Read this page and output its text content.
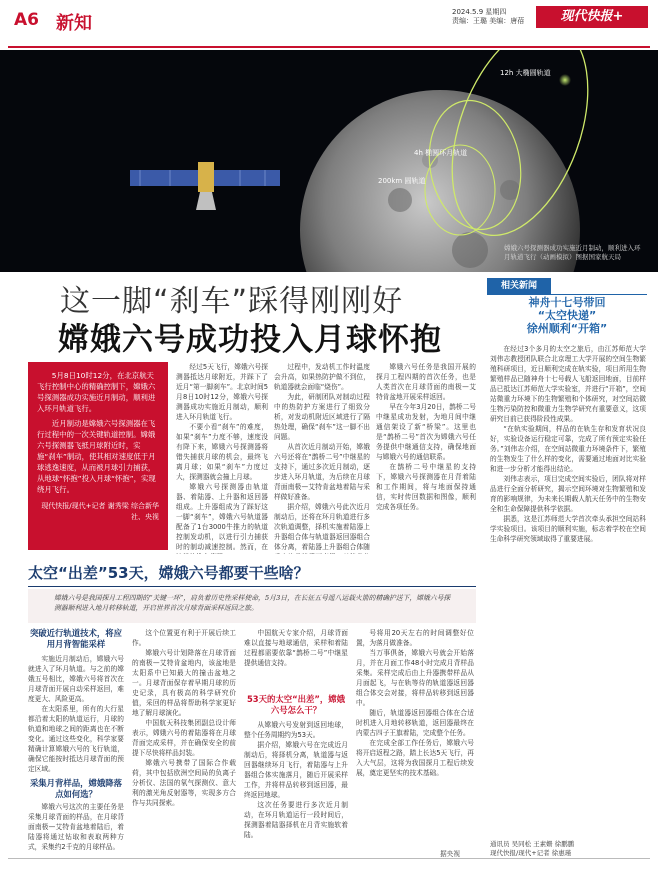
A6 新知
2024.5.9 星期四
责编：王璐 美编：唐蓓	现代快报+
12h 大椭圆轨道
4h 椭圆环月轨道
200km 圆轨道
嫦娥六号探测器成功实施近月制动，顺利进入环月轨道飞行（动画模拟）图据国家航天局
这一脚“刹车”踩得刚刚好
嫦娥六号成功投入月球怀抱

5月8日10时12分，在北京航天飞行控制中心的精确控制下，嫦娥六号探测器成功实施近月制动，顺利进入环月轨道飞行。

近月制动是嫦娥六号探测器在飞行过程中的一次关键轨道控制。嫦娥六号探测器飞抵月球附近时，实施“刹车”制动，使其相对速度低于月球逃逸速度，从而被月球引力捕获，从地球“怀抱”投入月球“怀抱”，实现绕月飞行。

现代快报/现代+记者 谢秀梁 综合新华社、央视

经过5天飞行，嫦娥六号探测器抵达月球附近，并踩下了近月“第一脚刹车”。北京时间5月8日10时12分，嫦娥六号探测器成功实施近月制动，顺利进入环月轨道飞行。

不要小看“刹车”的难度，如果“刹车”力度不够，速度没有降下来，嫦娥六号探测器将错失捕获月球的机会，最终飞离月球；如果“刹车”力度过大，探测器就会撞上月球。

嫦娥六号探测器由轨道器、着陆器、上升器和返回器组成。上升器组成为了踩好这一脚“刹车”，嫦娥六号轨道器配备了1台3000牛推力的轨道控制发动机，以进行引力捕获时的制动减速控制。然而，在

过程中，发动机工作时温度会升高，如果热防护做不到位，轨道器就会面临“烧伤”。

为此，研制团队对制动过程中的热防护方案进行了细致分析，对发动机附近区域进行了隔热处理，确保“刹车”这一脚不出问题。

从首次近月制动开始，嫦娥六号还将在“鹊桥二号”中继星的支持下，通过多次近月制动，逐步进入环月轨道，为后续在月球背面南极—艾特肯盆地着陆与采样做好准备。

据介绍，嫦娥六号此次近月制动后，还将在环月轨道进行多次轨道调整，择机实施着陆器上升器组合体与轨道器返回器组合体分离，着陆器上升器组合体随

嫦娥六号任务是我国开展的探月工程四期的首次任务，也是人类首次在月球背面的南极—艾特肯盆地开展采样返回。

早在今年3月20日，鹊桥二号中继星成功发射，为地月间中继通信架设了新“桥梁”。这里也是“鹊桥二号”首次为嫦娥六号任务提供中继通信支持，确保地面与嫦娥六号的通信联系。

在鹊桥二号中继星的支持下，嫦娥六号探测器在月背着陆和工作期间，将与地面保持通信，实时传回数据和图像，顺利完成各项任务。

相关新闻
神舟十七号带回
“太空快递”
徐州顺利“开箱”

在经过3个多月的太空之旅后，由江苏师范大学刘伟志教授团队联合北京理工大学开展的空间生物繁殖科研项目，近日顺利完成在轨实验，项目所用生物繁殖样品已随神舟十七号载人飞船返回地面，目前样品已抵达江苏师范大学实验室，并进行“开箱”，空间站微重力环境下的生物繁殖和个体研究，对空间站微生物污染防控和微重力生物学研究有重要意义，这项研究目前已获得阶段性成果。

“在轨实验期间，样品的在轨生存和发育状况良好，实验设备运行稳定可靠，完成了所有预定实验任务。”刘伟志介绍，在空间站微重力环境条件下，繁殖的生物发生了什么样的变化，需要通过地面对比实验和进一步分析才能得出结论。

刘伟志表示，项目完成空间实验后，团队将对样品进行全面分析研究，揭示空间环境对生物繁殖和发育的影响规律，为未来长期载人航天任务中的生物安全和生命保障提供科学依据。

据悉，这是江苏师范大学首次牵头承担空间站科学实验项目。该项目的顺利实施，标志着学校在空间生命科学研究领域取得了重要进展。

通讯员 吴同松 王素姗 徐鹏鹏
现代快报/现代+记者 徐惠瑾
太空“出差”53天，嫦娥六号都要干些啥？
嫦娥六号是我国探月工程四期的“关键一环”，肩负着历史性采样使命，5月3日，在长征五号遥八运载火箭的精确护送下，嫦娥六号探测器顺利进入地月转移轨道，开启世界首次月球背面采样返回之旅。
突破近行轨道技术，将应用月背智能采样

实施近月制动后，嫦娥六号就进入了环月轨道。与之前的嫦娥五号相比，嫦娥六号将首次在月球背面开展自动采样返回，难度更大、风险更高。

在太阳系里，所有的大行星都沿着太阳的轨道运行，月球的轨道和地球之间的距离也在不断变化。通过这些变化，科学家要精确计算嫦娥六号的飞行轨道，确保它能按时抵达月球背面的预定区域。

采集月背样品，嫦娥降落点如何选？

嫦娥六号这次的主要任务是采集月球背面的样品，在月球背面南极—艾特肯盆地着陆后，着陆器将通过钻取和表取两种方式，采集约2千克的月球样品。

这个位置更有利于开展后续工作。

嫦娥六号计划降落在月球背面的南极—艾特肯盆地内，该盆地是太阳系中已知最大的撞击盆地之一。月球背面保存着早期月球的历史记录，具有极高的科学研究价值，采回的样品将帮助科学家更好地了解月球演化。

中国航天科技集团副总设计师表示，嫦娥六号的着陆器将在月球背面完成采样，并在确保安全的前提下尽快将样品封装。

嫦娥六号携带了国际合作载荷，其中包括欧洲空间局的负离子分析仪、法国的氡气探测仪、意大利的激光角反射器等，实现多方合作与共同探索。

中国航天专家介绍，月球背面难以直接与地球通信，采样和着陆过程都需要依靠“鹊桥二号”中继星提供通信支持。

53天的太空“出差”，嫦娥六号怎么干？

从嫦娥六号发射到返回地球，整个任务周期约为53天。

据介绍，嫦娥六号在完成近月制动后，将择机分离，轨道器与返回器继续环月飞行，着陆器与上升器组合体实施落月，随后开展采样工作，并将样品转移到返回器，最终返回地球。

这次任务要进行多次近月制动，在环月轨道运行一段时间后，探测器着陆器择机在月背实施软着陆。

号将用20天左右的时间调整好位置，为落月做准备。

当万事俱备，嫦娥六号就会开始落月，并在月面工作48小时完成月背样品采集。采样完成后由上升器携带样品从月面起飞，与在轨等待的轨道器返回器组合体交会对接，将样品转移到返回器中。

随后，轨道器返回器组合体在合适时机进入月地转移轨道，返回器最终在内蒙古四子王旗着陆，完成整个任务。

在完成全部工作任务后，嫦娥六号将开启返程之路，踏上长达5天飞行，再入大气层，这将为我国探月工程后续发展，奠定更坚实的技术基础。

据央视
